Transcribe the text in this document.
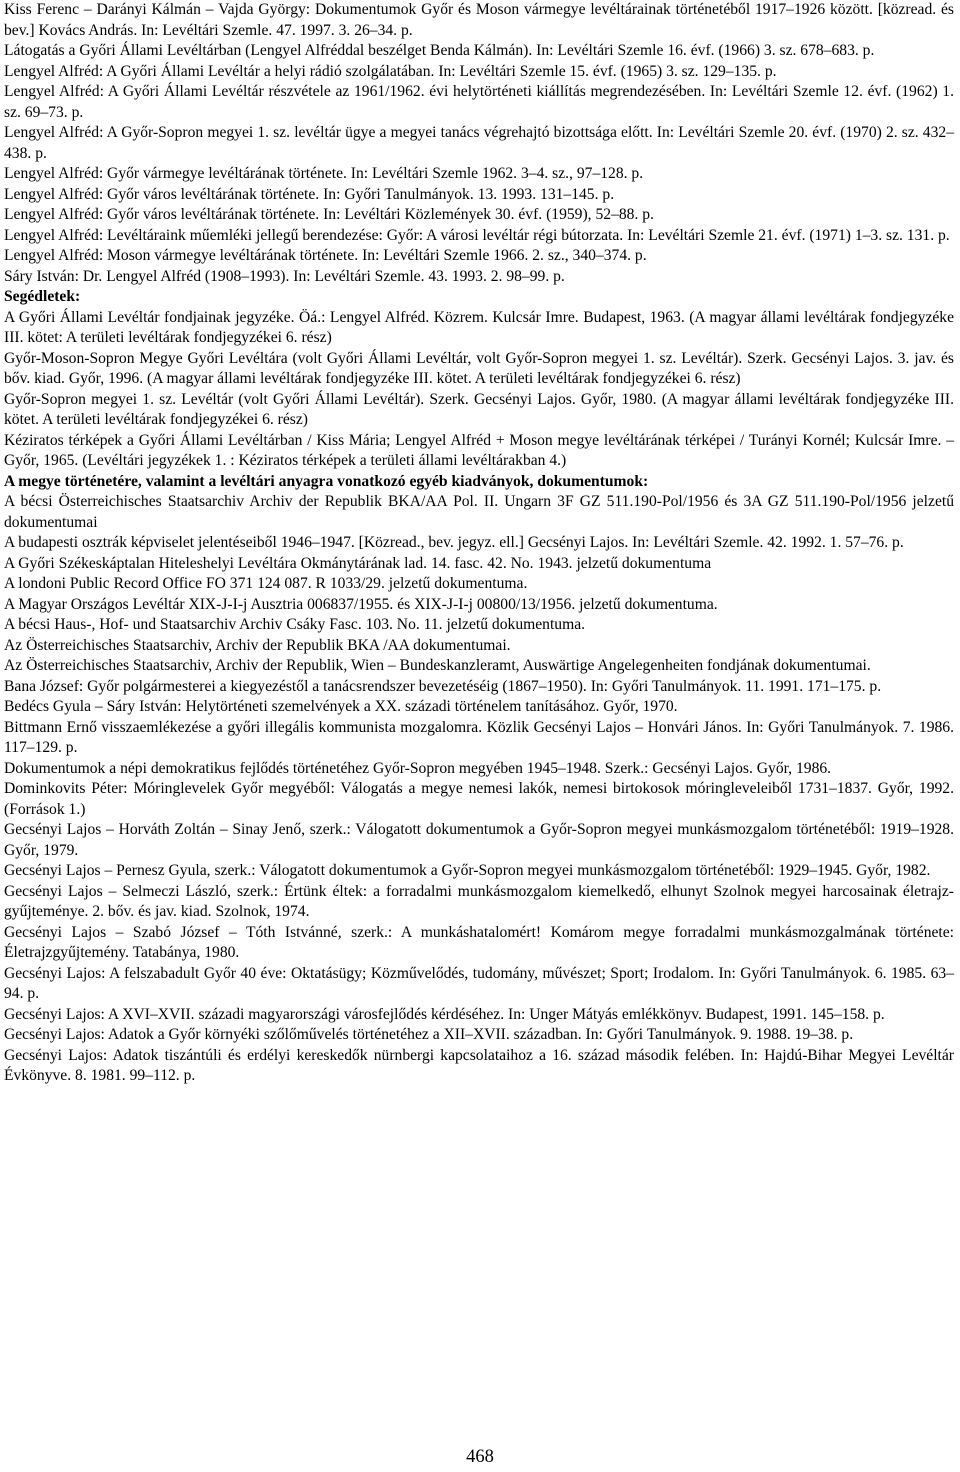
Kiss Ferenc – Darányi Kálmán – Vajda György: Dokumentumok Győr és Moson vármegye levéltárainak történetéből 1917–1926 között. [közread. és bev.] Kovács András. In: Levéltári Szemle. 47. 1997. 3. 26–34. p.

Látogatás a Győri Állami Levéltárban (Lengyel Alfréddal beszélget Benda Kálmán). In: Levéltári Szemle 16. évf. (1966) 3. sz. 678–683. p.

Lengyel Alfréd: A Győri Állami Levéltár a helyi rádió szolgálatában. In: Levéltári Szemle 15. évf. (1965) 3. sz. 129–135. p.

Lengyel Alfréd: A Győri Állami Levéltár részvétele az 1961/1962. évi helytörténeti kiállítás megrendezésében. In: Levéltári Szemle 12. évf. (1962) 1. sz. 69–73. p.

Lengyel Alfréd: A Győr-Sopron megyei 1. sz. levéltár ügye a megyei tanács végrehajtó bizottsága előtt. In: Levéltári Szemle 20. évf. (1970) 2. sz. 432–438. p.

Lengyel Alfréd: Győr vármegye levéltárának története. In: Levéltári Szemle 1962. 3–4. sz., 97–128. p.

Lengyel Alfréd: Győr város levéltárának története. In: Győri Tanulmányok. 13. 1993. 131–145. p.

Lengyel Alfréd: Győr város levéltárának története. In: Levéltári Közlemények 30. évf. (1959), 52–88. p.

Lengyel Alfréd: Levéltáraink műemléki jellegű berendezése: Győr: A városi levéltár régi bútorzata. In: Levéltári Szemle 21. évf. (1971) 1–3. sz. 131. p.

Lengyel Alfréd: Moson vármegye levéltárának története. In: Levéltári Szemle 1966. 2. sz., 340–374. p.

Sáry István: Dr. Lengyel Alfréd (1908–1993). In: Levéltári Szemle. 43. 1993. 2. 98–99. p.

Segédletek:

A Győri Állami Levéltár fondjainak jegyzéke. Öá.: Lengyel Alfréd. Közrem. Kulcsár Imre. Budapest, 1963. (A magyar állami levéltárak fondjegyzéke III. kötet: A területi levéltárak fondjegyzékei 6. rész)

Győr-Moson-Sopron Megye Győri Levéltára (volt Győri Állami Levéltár, volt Győr-Sopron megyei 1. sz. Levéltár). Szerk. Gecsényi Lajos. 3. jav. és bőv. kiad. Győr, 1996. (A magyar állami levéltárak fondjegyzéke III. kötet. A területi levéltárak fondjegyzékei 6. rész)

Győr-Sopron megyei 1. sz. Levéltár (volt Győri Állami Levéltár). Szerk. Gecsényi Lajos. Győr, 1980. (A magyar állami levéltárak fondjegyzéke III. kötet. A területi levéltárak fondjegyzékei 6. rész)

Kéziratos térképek a Győri Állami Levéltárban / Kiss Mária; Lengyel Alfréd + Moson megye levéltárának térképei / Turányi Kornél; Kulcsár Imre. – Győr, 1965. (Levéltári jegyzékek 1. : Kéziratos térképek a területi állami levéltárakban 4.)

A megye történetére, valamint a levéltári anyagra vonatkozó egyéb kiadványok, dokumentumok:

A bécsi Österreichisches Staatsarchiv Archiv der Republik BKA/AA Pol. II. Ungarn 3F GZ 511.190-Pol/1956 és 3A GZ 511.190-Pol/1956 jelzetű dokumentumai

A budapesti osztrák képviselet jelentéseiből 1946–1947. [Közread., bev. jegyz. ell.] Gecsényi Lajos. In: Levéltári Szemle. 42. 1992. 1. 57–76. p.

A Győri Székeskáptalan Hiteleshelyi Levéltára Okmánytárának lad. 14. fasc. 42. No. 1943. jelzetű dokumentuma

A londoni Public Record Office FO 371 124 087. R 1033/29. jelzetű dokumentuma.

A Magyar Országos Levéltár XIX-J-I-j Ausztria 006837/1955. és XIX-J-I-j 00800/13/1956. jelzetű dokumentuma.

A bécsi Haus-, Hof- und Staatsarchiv Archiv Csáky Fasc. 103. No. 11. jelzetű dokumentuma.

Az Österreichisches Staatsarchiv, Archiv der Republik BKA /AA dokumentumai.

Az Österreichisches Staatsarchiv, Archiv der Republik, Wien – Bundeskanzleramt, Auswärtige Angelegenheiten fondjának dokumentumai.

Bana József: Győr polgármesterei a kiegyezéstől a tanácsrendszer bevezetéséig (1867–1950). In: Győri Tanulmányok. 11. 1991. 171–175. p.

Bedécs Gyula – Sáry István: Helytörténeti szemelvények a XX. századi történelem tanításához. Győr, 1970.

Bittmann Ernő visszaemlékezése a győri illegális kommunista mozgalomra. Közlik Gecsényi Lajos – Honvári János. In: Győri Tanulmányok. 7. 1986. 117–129. p.

Dokumentumok a népi demokratikus fejlődés történetéhez Győr-Sopron megyében 1945–1948. Szerk.: Gecsényi Lajos. Győr, 1986.

Dominkovits Péter: Móringlevelek Győr megyéből: Válogatás a megye nemesi lakók, nemesi birtokosok móringleveleiből 1731–1837. Győr, 1992. (Források 1.)

Gecsényi Lajos – Horváth Zoltán – Sinay Jenő, szerk.: Válogatott dokumentumok a Győr-Sopron megyei munkásmozgalom történetéből: 1919–1928. Győr, 1979.

Gecsényi Lajos – Pernesz Gyula, szerk.: Válogatott dokumentumok a Győr-Sopron megyei munkásmozgalom történetéből: 1929–1945. Győr, 1982.

Gecsényi Lajos – Selmeczi László, szerk.: Értünk éltek: a forradalmi munkásmozgalom kiemelkedő, elhunyt Szolnok megyei harcosainak életrajz-gyűjteménye. 2. bőv. és jav. kiad. Szolnok, 1974.

Gecsényi Lajos – Szabó József – Tóth Istvánné, szerk.: A munkáshatalomért! Komárom megye forradalmi munkásmozgalmának története: Életrajzgyűjtemény. Tatabánya, 1980.

Gecsényi Lajos: A felszabadult Győr 40 éve: Oktatásügy; Közművelődés, tudomány, művészet; Sport; Irodalom. In: Győri Tanulmányok. 6. 1985. 63–94. p.

Gecsényi Lajos: A XVI–XVII. századi magyarországi városfejlődés kérdéséhez. In: Unger Mátyás emlékkönyv. Budapest, 1991. 145–158. p.

Gecsényi Lajos: Adatok a Győr környéki szőlőművelés történetéhez a XII–XVII. században. In: Győri Tanulmányok. 9. 1988. 19–38. p.

Gecsényi Lajos: Adatok tiszántúli és erdélyi kereskedők nürnbergi kapcsolataihoz a 16. század második felében. In: Hajdú-Bihar Megyei Levéltár Évkönyve. 8. 1981. 99–112. p.

468
